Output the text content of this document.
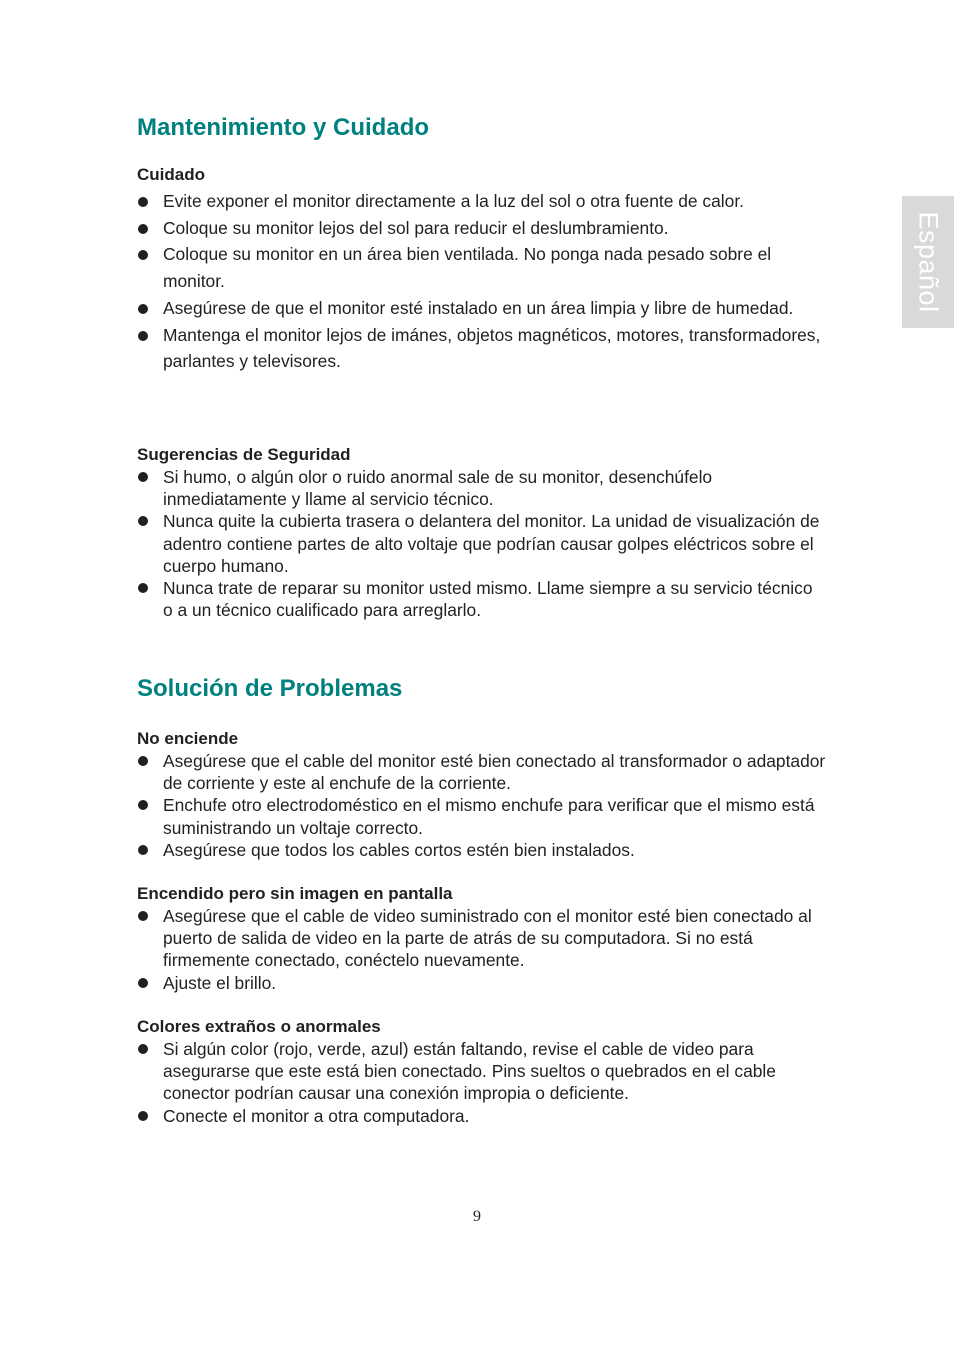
Español
Mantenimiento y Cuidado
Cuidado
Evite exponer el monitor directamente a la luz del sol o otra fuente de calor.
Coloque su monitor lejos del sol para reducir el deslumbramiento.
Coloque su monitor en un área bien ventilada. No ponga nada pesado sobre el monitor.
Asegúrese de que el monitor esté instalado en un área limpia y libre de humedad.
Mantenga el monitor lejos de imánes, objetos magnéticos, motores, transformadores, parlantes y televisores.
Sugerencias de Seguridad
Si humo, o algún olor o ruido anormal sale de su monitor, desenchúfelo inmediatamente y llame al servicio técnico.
Nunca quite la cubierta trasera o delantera del monitor. La unidad de visualización de adentro contiene partes de alto voltaje que podrían causar golpes eléctricos sobre el cuerpo humano.
Nunca trate de reparar su monitor usted mismo. Llame siempre a su servicio técnico o a un técnico cualificado para arreglarlo.
Solución de Problemas
No enciende
Asegúrese que el cable del monitor esté bien conectado al transformador o adaptador de corriente y este al enchufe de la corriente.
Enchufe otro electrodoméstico en el mismo enchufe para verificar que el mismo está suministrando un voltaje correcto.
Asegúrese que todos los cables cortos estén bien instalados.
Encendido pero sin imagen en pantalla
Asegúrese que el cable de video suministrado con el monitor esté bien conectado al puerto de salida de video en la parte de atrás de su computadora. Si no está firmemente conectado, conéctelo nuevamente.
Ajuste el brillo.
Colores extraños o anormales
Si algún color (rojo, verde, azul) están faltando, revise el cable de video para asegurarse que este está bien conectado. Pins sueltos o quebrados en el cable conector podrían causar una conexión impropia o deficiente.
Conecte el monitor a otra computadora.
9
